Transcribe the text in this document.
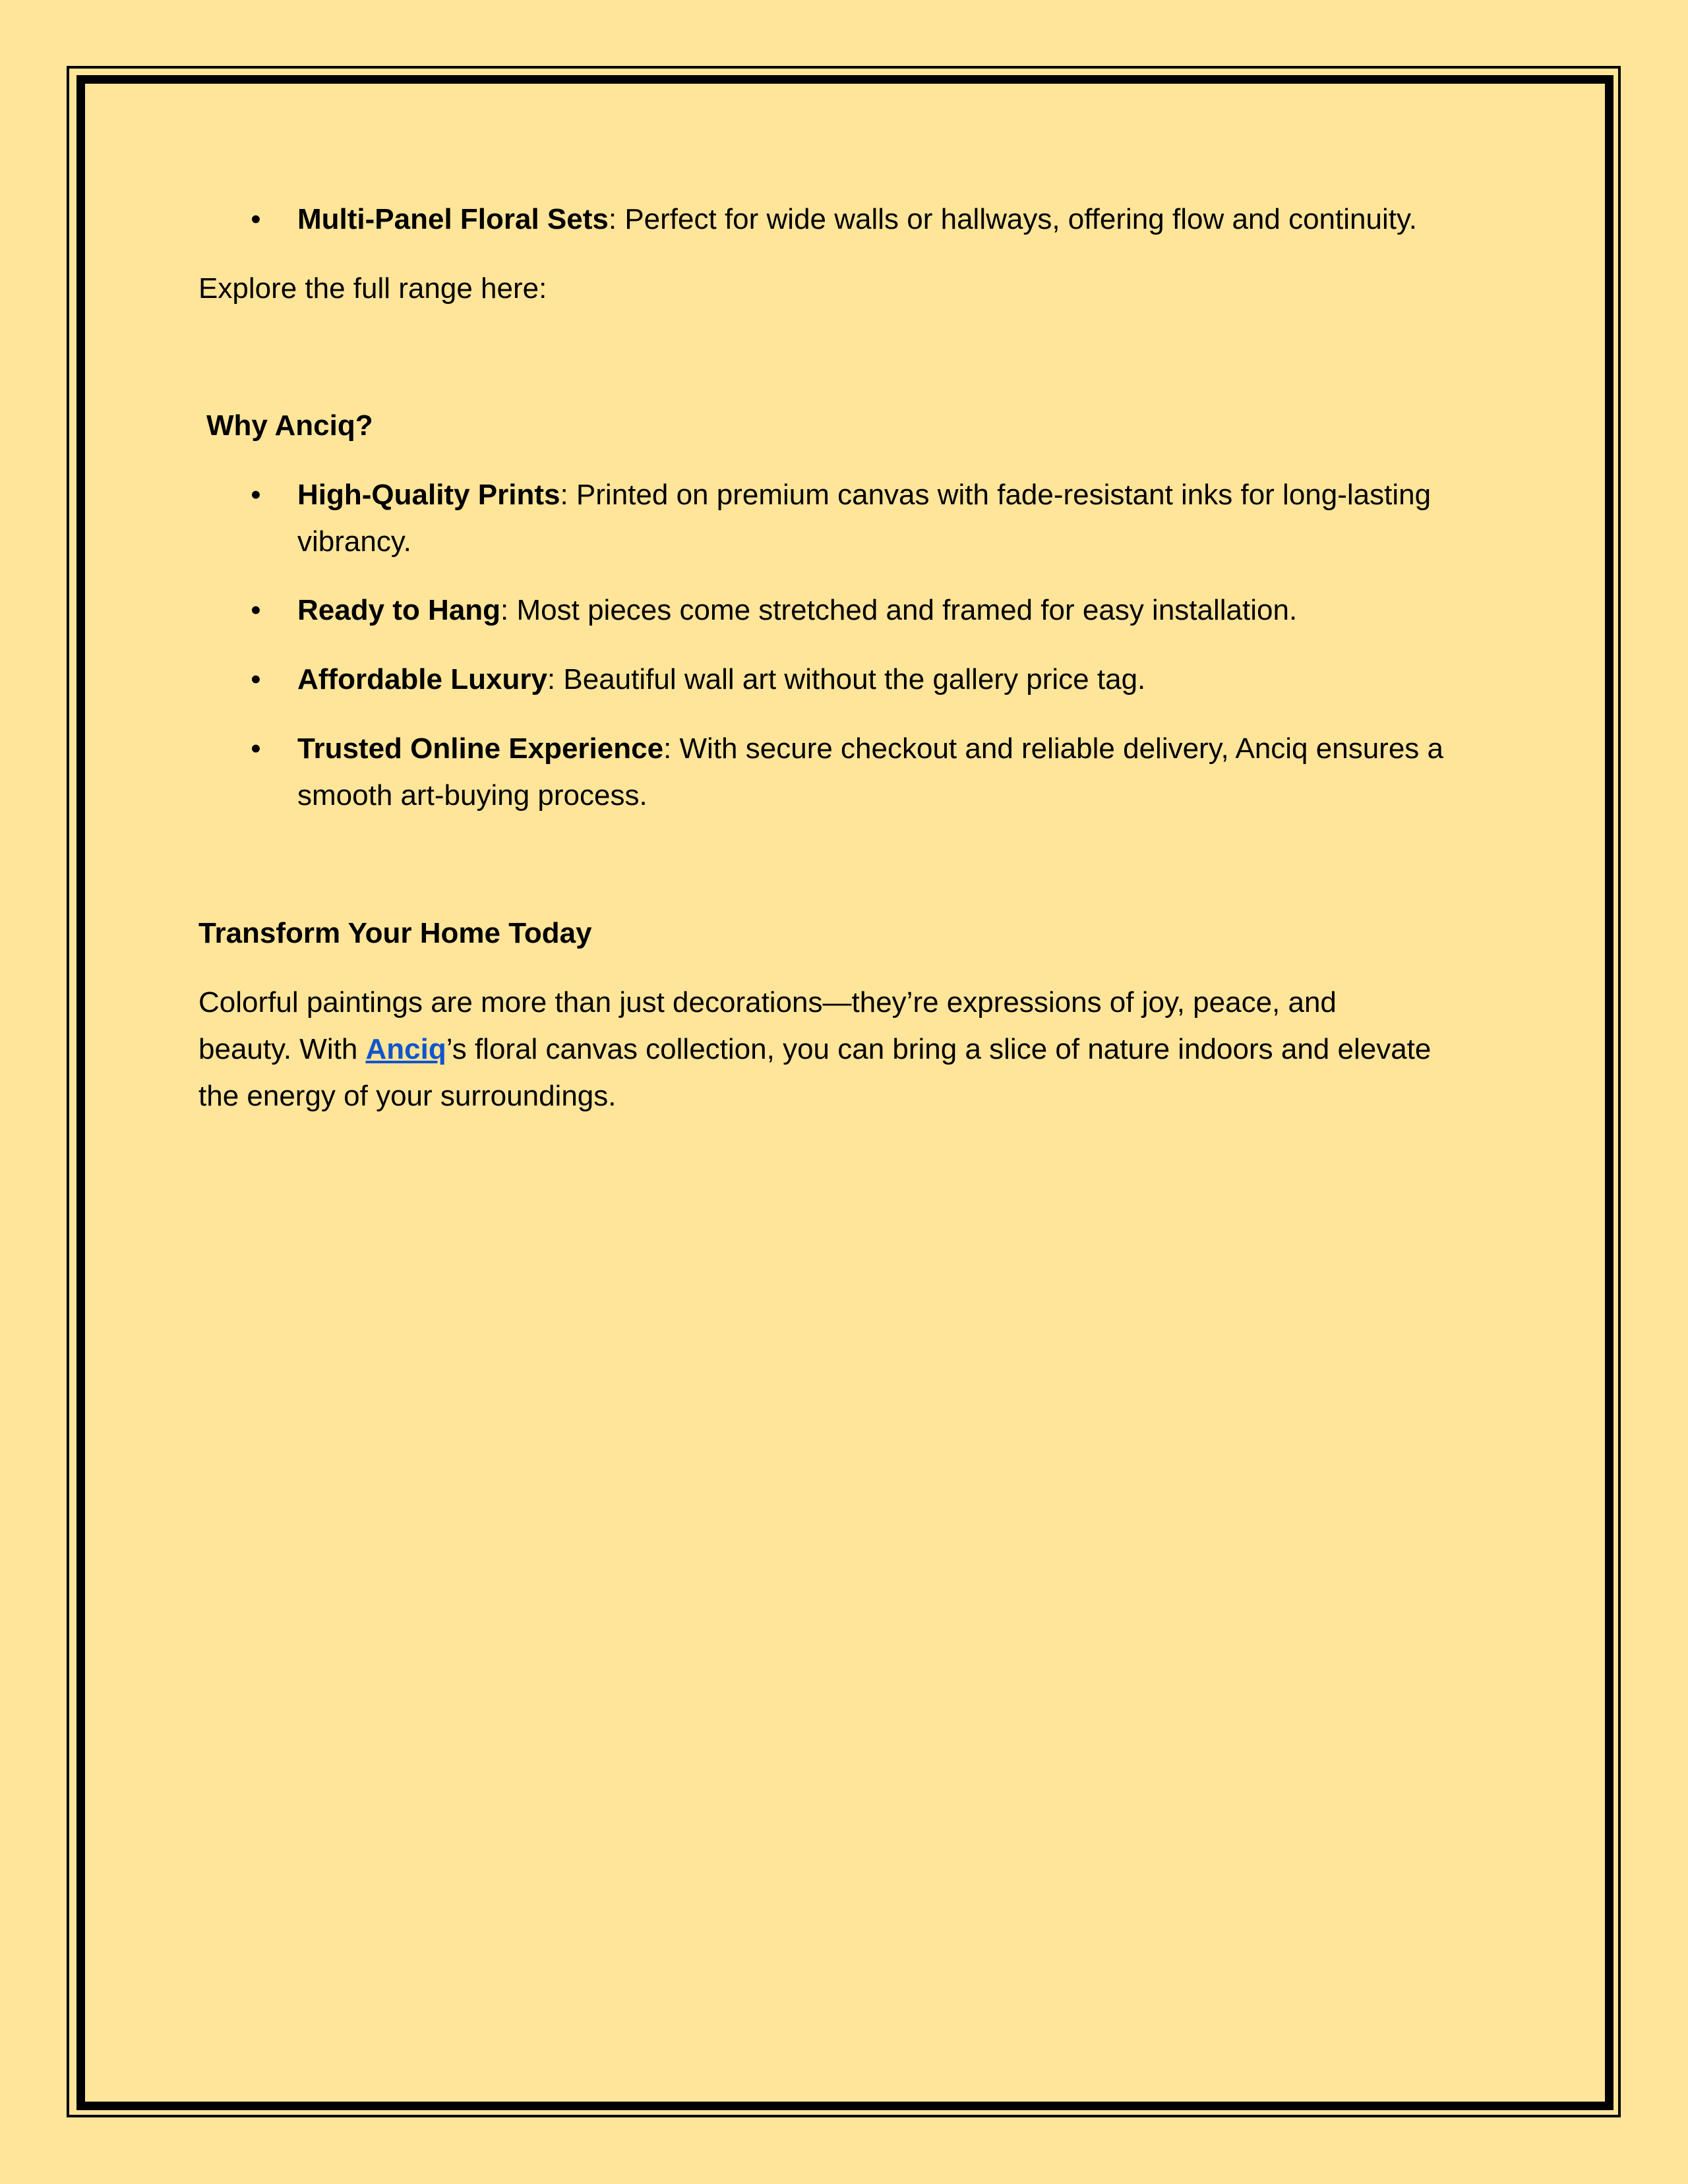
• Multi-Panel Floral Sets: Perfect for wide walls or hallways, offering flow and continuity.

Explore the full range here:

Why Anciq?
• High-Quality Prints: Printed on premium canvas with fade-resistant inks for long-lasting
vibrancy.
• Ready to Hang: Most pieces come stretched and framed for easy installation.
• Affordable Luxury: Beautiful wall art without the gallery price tag.
• Trusted Online Experience: With secure checkout and reliable delivery, Anciq ensures a
smooth art-buying process.
Transform Your Home Today

Colorful paintings are more than just decorations—they’re expressions of joy, peace, and

beauty. With Anciq’s floral canvas collection, you can bring a slice of nature indoors and elevate

the energy of your surroundings.
